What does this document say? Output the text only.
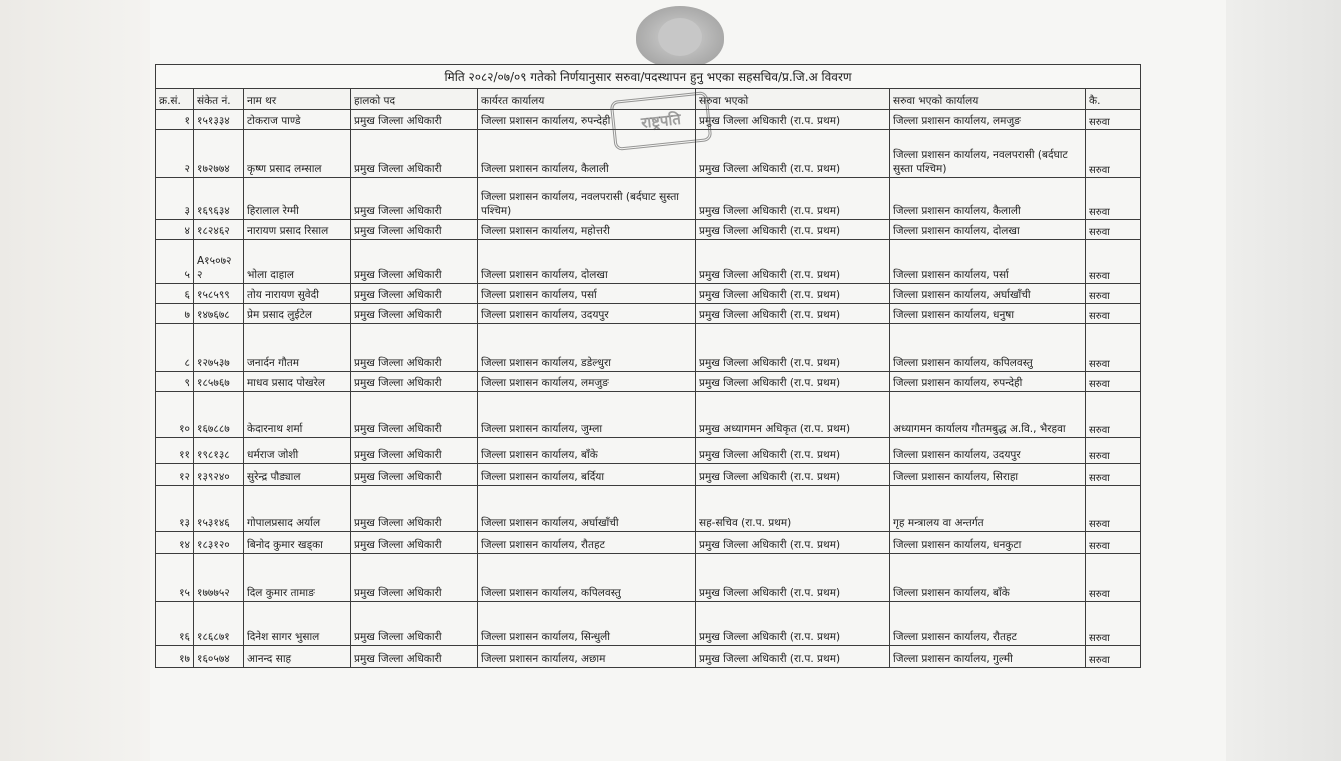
मिति २०८२/०७/०९ गतेको निर्णयानुसार सरुवा/पदस्थापन हुनु भएका सहसचिव/प्र.जि.अ विवरण
क्र.सं.	संकेत नं.	नाम थर	हालको पद	कार्यरत कार्यालय	सरुवा भएको	सरुवा भएको कार्यालय	कै.
१	१५१३३४	टोकराज पाण्डे	प्रमुख जिल्ला अधिकारी	जिल्ला प्रशासन कार्यालय, रुपन्देही	प्रमुख जिल्ला अधिकारी (रा.प. प्रथम)	जिल्ला प्रशासन कार्यालय, लमजुङ	सरुवा
२	१७२७७४	कृष्ण प्रसाद लम्साल	प्रमुख जिल्ला अधिकारी	जिल्ला प्रशासन कार्यालय, कैलाली	प्रमुख जिल्ला अधिकारी (रा.प. प्रथम)	जिल्ला प्रशासन कार्यालय, नवलपरासी (बर्दघाट सुस्ता पश्चिम)	सरुवा
३	१६९६३४	हिरालाल रेग्मी	प्रमुख जिल्ला अधिकारी	जिल्ला प्रशासन कार्यालय, नवलपरासी (बर्दघाट सुस्ता पश्चिम)	प्रमुख जिल्ला अधिकारी (रा.प. प्रथम)	जिल्ला प्रशासन कार्यालय, कैलाली	सरुवा
४	१८२४६२	नारायण प्रसाद रिसाल	प्रमुख जिल्ला अधिकारी	जिल्ला प्रशासन कार्यालय, महोत्तरी	प्रमुख जिल्ला अधिकारी (रा.प. प्रथम)	जिल्ला प्रशासन कार्यालय, दोलखा	सरुवा
५	A१५०७२ २	भोला दाहाल	प्रमुख जिल्ला अधिकारी	जिल्ला प्रशासन कार्यालय, दोलखा	प्रमुख जिल्ला अधिकारी (रा.प. प्रथम)	जिल्ला प्रशासन कार्यालय, पर्सा	सरुवा
६	१५८५९९	तोय नारायण सुवेदी	प्रमुख जिल्ला अधिकारी	जिल्ला प्रशासन कार्यालय, पर्सा	प्रमुख जिल्ला अधिकारी (रा.प. प्रथम)	जिल्ला प्रशासन कार्यालय, अर्घाखाँची	सरुवा
७	१४७६७८	प्रेम प्रसाद लुईटेल	प्रमुख जिल्ला अधिकारी	जिल्ला प्रशासन कार्यालय, उदयपुर	प्रमुख जिल्ला अधिकारी (रा.प. प्रथम)	जिल्ला प्रशासन कार्यालय, धनुषा	सरुवा
८	१२७५३७	जनार्दन गौतम	प्रमुख जिल्ला अधिकारी	जिल्ला प्रशासन कार्यालय, डडेल्धुरा	प्रमुख जिल्ला अधिकारी (रा.प. प्रथम)	जिल्ला प्रशासन कार्यालय, कपिलवस्तु	सरुवा
९	१८५७६७	माधव प्रसाद पोखरेल	प्रमुख जिल्ला अधिकारी	जिल्ला प्रशासन कार्यालय, लमजुङ	प्रमुख जिल्ला अधिकारी (रा.प. प्रथम)	जिल्ला प्रशासन कार्यालय, रुपन्देही	सरुवा
१०	१६७८८७	केदारनाथ शर्मा	प्रमुख जिल्ला अधिकारी	जिल्ला प्रशासन कार्यालय, जुम्ला	प्रमुख अध्यागमन अधिकृत (रा.प. प्रथम)	अध्यागमन कार्यालय गौतमबुद्ध अ.वि., भैरहवा	सरुवा
११	१९८१३८	धर्मराज जोशी	प्रमुख जिल्ला अधिकारी	जिल्ला प्रशासन कार्यालय, बाँके	प्रमुख जिल्ला अधिकारी (रा.प. प्रथम)	जिल्ला प्रशासन कार्यालय, उदयपुर	सरुवा
१२	१३९२४०	सुरेन्द्र पौड्याल	प्रमुख जिल्ला अधिकारी	जिल्ला प्रशासन कार्यालय, बर्दिया	प्रमुख जिल्ला अधिकारी (रा.प. प्रथम)	जिल्ला प्रशासन कार्यालय, सिराहा	सरुवा
१३	१५३१४६	गोपालप्रसाद अर्याल	प्रमुख जिल्ला अधिकारी	जिल्ला प्रशासन कार्यालय, अर्घाखाँची	सह-सचिव (रा.प. प्रथम)	गृह मन्त्रालय वा अन्तर्गत	सरुवा
१४	१८३१२०	बिनोद कुमार खड्का	प्रमुख जिल्ला अधिकारी	जिल्ला प्रशासन कार्यालय, रौतहट	प्रमुख जिल्ला अधिकारी (रा.प. प्रथम)	जिल्ला प्रशासन कार्यालय, धनकुटा	सरुवा
१५	१७७७५२	दिल कुमार तामाङ	प्रमुख जिल्ला अधिकारी	जिल्ला प्रशासन कार्यालय, कपिलवस्तु	प्रमुख जिल्ला अधिकारी (रा.प. प्रथम)	जिल्ला प्रशासन कार्यालय, बाँके	सरुवा
१६	१८६८७१	दिनेश सागर भुसाल	प्रमुख जिल्ला अधिकारी	जिल्ला प्रशासन कार्यालय, सिन्धुली	प्रमुख जिल्ला अधिकारी (रा.प. प्रथम)	जिल्ला प्रशासन कार्यालय, रौतहट	सरुवा
१७	१६०५७४	आनन्द साह	प्रमुख जिल्ला अधिकारी	जिल्ला प्रशासन कार्यालय, अछाम	प्रमुख जिल्ला अधिकारी (रा.प. प्रथम)	जिल्ला प्रशासन कार्यालय, गुल्मी	सरुवा
राष्ट्रपति
